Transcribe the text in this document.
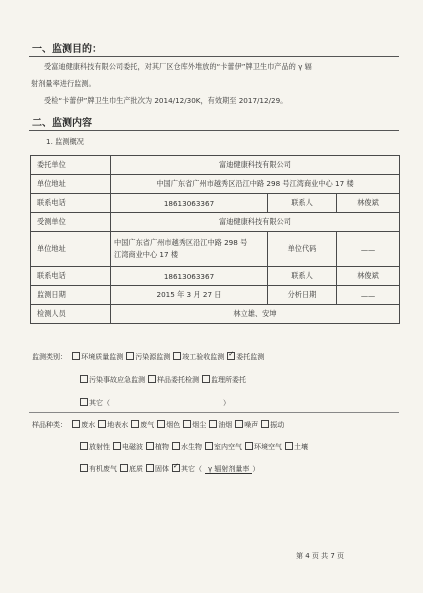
一、监测目的：
受富迪健康科技有限公司委托，对其厂区仓库外堆放的“卡蕾伊”牌卫生巾产品的 γ 辐
射剂量率进行监测。
受检“卡蕾伊”牌卫生巾生产批次为 2014/12/30K，有效期至 2017/12/29。
二、监测内容
1. 监测概况
委托单位	富迪健康科技有限公司		
单位地址	中国广东省广州市越秀区沿江中路 298 号江湾商业中心 17 楼		
联系电话	18613063367	联系人	林俊斌
受测单位	富迪健康科技有限公司		
单位地址	中国广东省广州市越秀区沿江中路 298 号
江湾商业中心 17 楼	单位代码	——
联系电话	18613063367	联系人	林俊斌
监测日期	2015 年 3 月 27 日	分析日期	——
检测人员	林立雄、安坤		
监测类别： 环境质量监测 污染源监测 竣工验收监测 ✓ 委托监测
污染事故应急监测 样品委托检测 监理所委托
其它（	）
样品种类： 废水 地表水 废气 烟色 烟尘 油烟 噪声 振动
放射性 电磁波 植物 水生物 室内空气 环境空气 土壤
有机废气 底质 固体 ✓ 其它（ γ 辐射剂量率 ）
第 4 页 共 7 页
